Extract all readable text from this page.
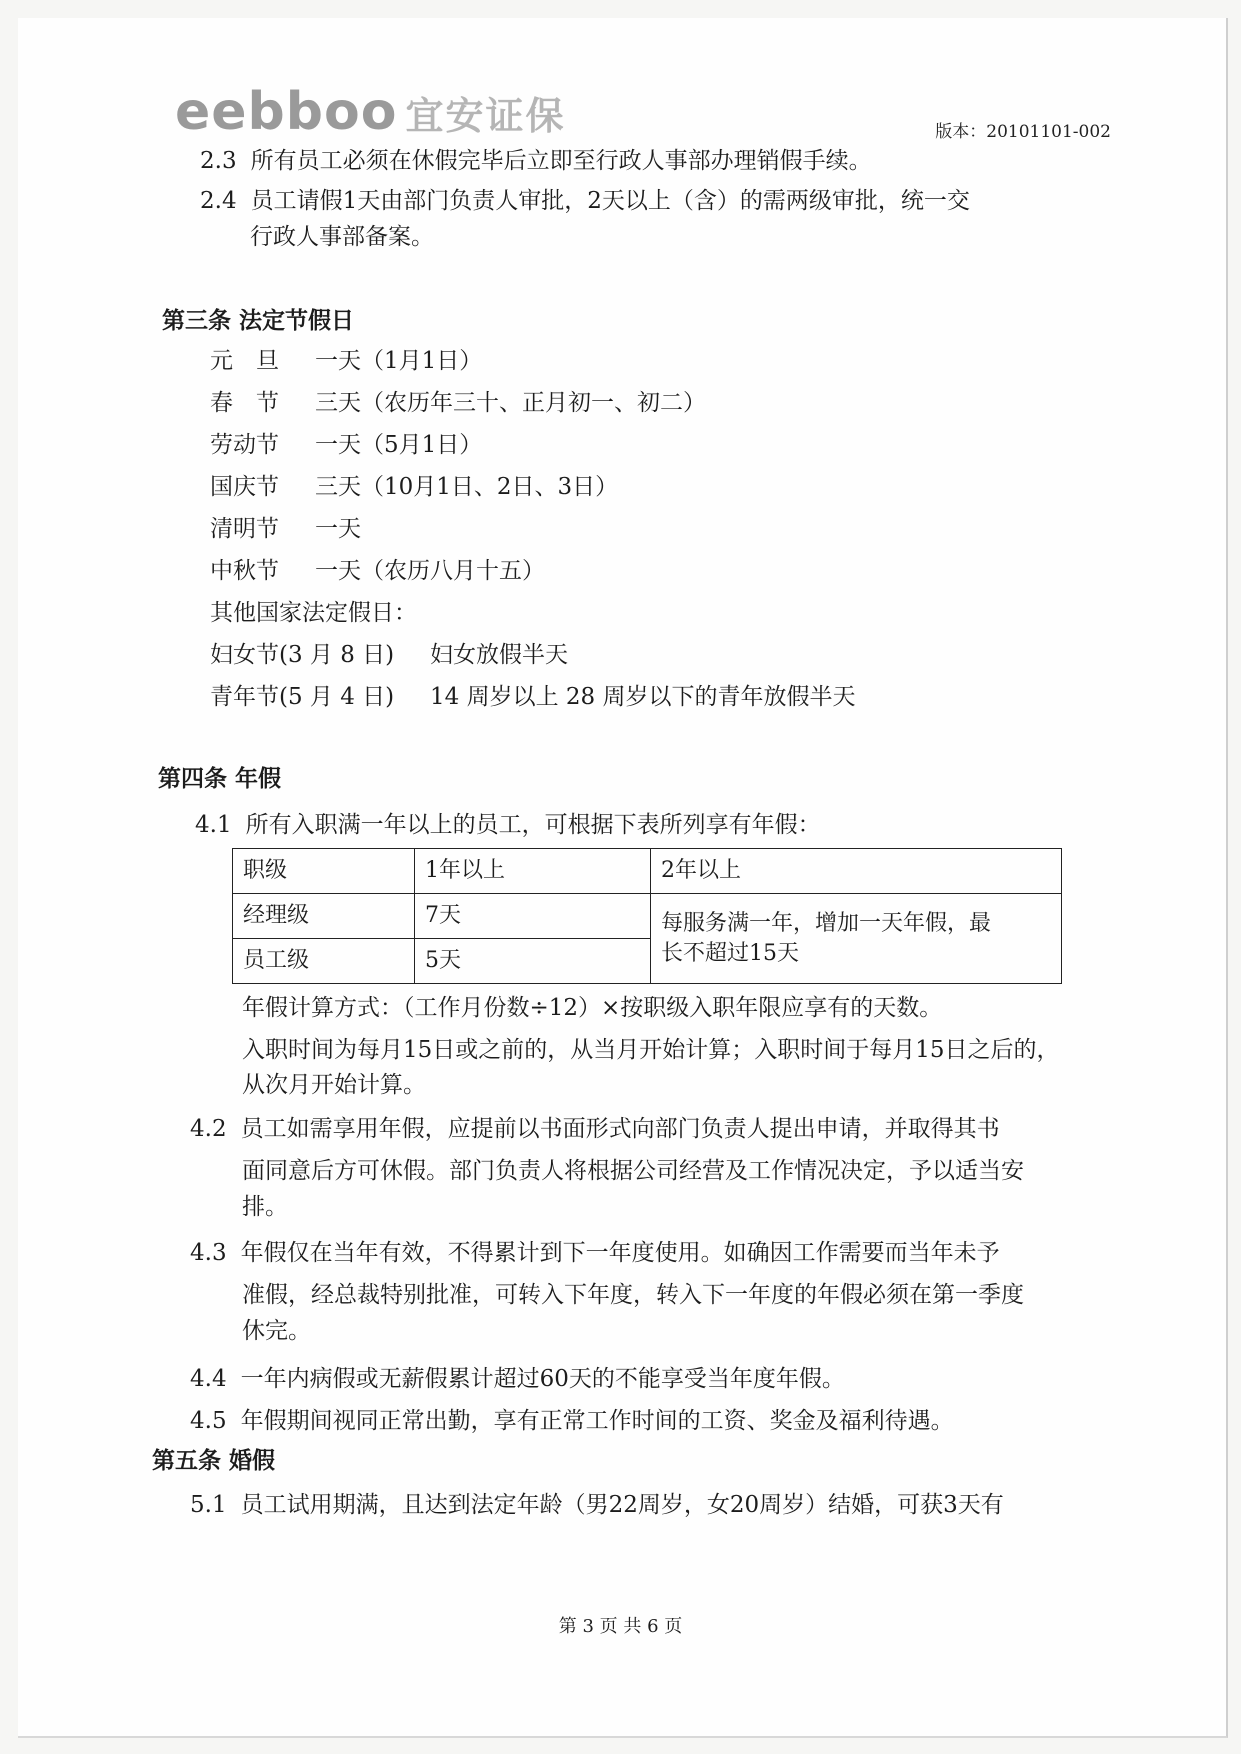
eebboo 宜安证保	版本：20101101-002
2.3 所有员工必须在休假完毕后立即至行政人事部办理销假手续。
2.4 员工请假1天由部门负责人审批，2天以上（含）的需两级审批，统一交
行政人事部备案。
第三条 法定节假日
元　旦 一天（1月1日）
春　节 三天（农历年三十、正月初一、初二）
劳动节 一天（5月1日）
国庆节 三天（10月1日、2日、3日）
清明节 一天
中秋节 一天（农历八月十五）
其他国家法定假日：
妇女节(3 月 8 日) 妇女放假半天
青年节(5 月 4 日) 14 周岁以上 28 周岁以下的青年放假半天
第四条 年假
4.1 所有入职满一年以上的员工，可根据下表所列享有年假：
职级	1年以上	2年以上
经理级	7天	每服务满一年，增加一天年假，最
长不超过15天

员工级	5天	
年假计算方式：（工作月份数÷12）×按职级入职年限应享有的天数。
入职时间为每月15日或之前的，从当月开始计算；入职时间于每月15日之后的，
从次月开始计算。
4.2 员工如需享用年假，应提前以书面形式向部门负责人提出申请，并取得其书
面同意后方可休假。部门负责人将根据公司经营及工作情况决定，予以适当安
排。
4.3 年假仅在当年有效，不得累计到下一年度使用。如确因工作需要而当年未予
准假，经总裁特别批准，可转入下年度，转入下一年度的年假必须在第一季度
休完。
4.4 一年内病假或无薪假累计超过60天的不能享受当年度年假。
4.5 年假期间视同正常出勤，享有正常工作时间的工资、奖金及福利待遇。
第五条 婚假
5.1 员工试用期满，且达到法定年龄（男22周岁，女20周岁）结婚，可获3天有
第 3 页 共 6 页
